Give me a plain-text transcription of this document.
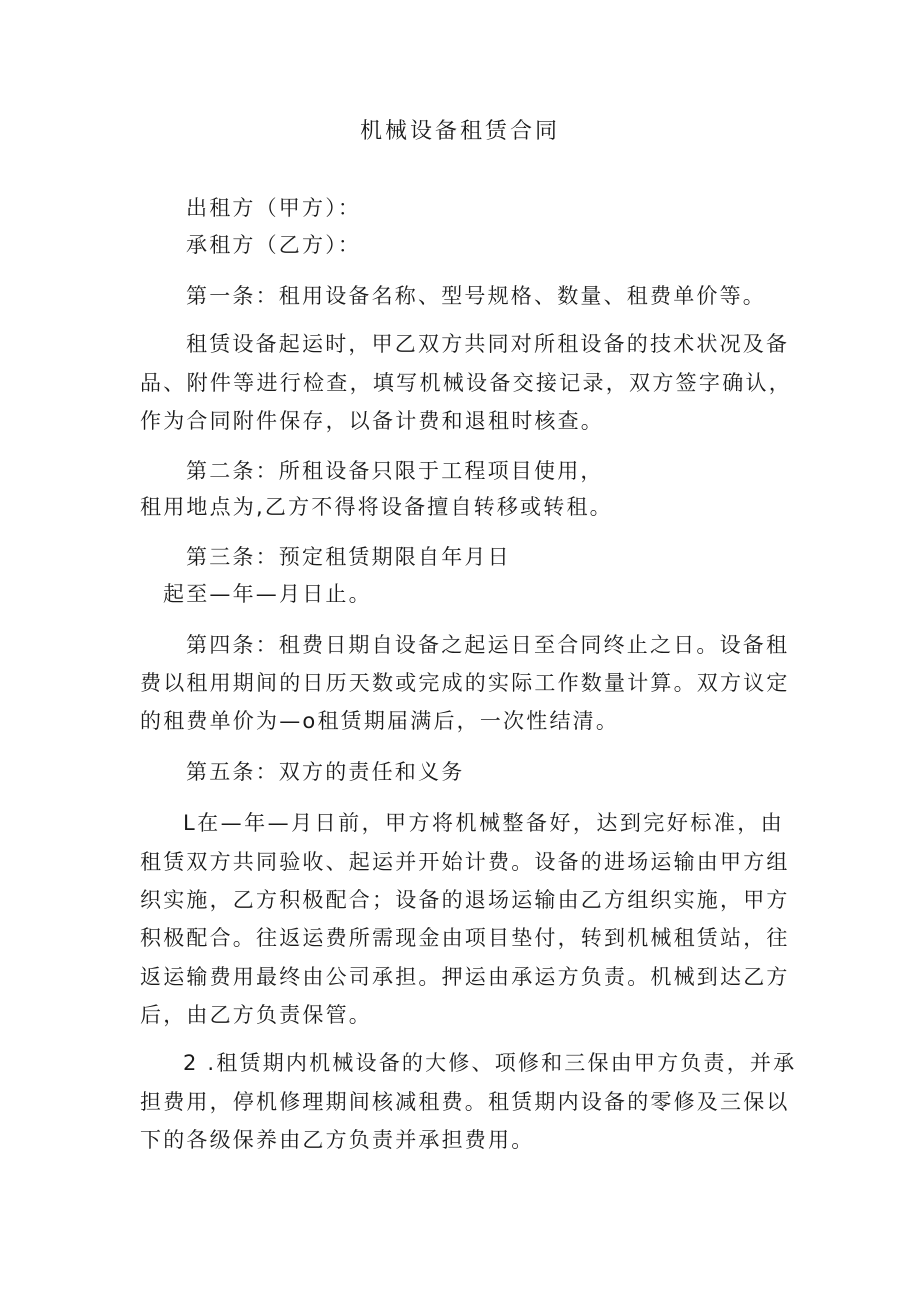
机械设备租赁合同
出租方（甲方）：
承租方（乙方）：
第一条：租用设备名称、型号规格、数量、租费单价等。
租赁设备起运时，甲乙双方共同对所租设备的技术状况及备
品、附件等进行检查，填写机械设备交接记录，双方签字确认，
作为合同附件保存，以备计费和退租时核查。
第二条：所租设备只限于工程项目使用，
租用地点为,乙方不得将设备擅自转移或转租。
第三条：预定租赁期限自年月日
起至—年—月日止。
第四条：租费日期自设备之起运日至合同终止之日。设备租
费以租用期间的日历天数或完成的实际工作数量计算。双方议定
的租费单价为—o租赁期届满后，一次性结清。
第五条：双方的责任和义务
L在—年—月日前，甲方将机械整备好，达到完好标准，由
租赁双方共同验收、起运并开始计费。设备的进场运输由甲方组
织实施，乙方积极配合；设备的退场运输由乙方组织实施，甲方
积极配合。往返运费所需现金由项目垫付，转到机械租赁站，往
返运输费用最终由公司承担。押运由承运方负责。机械到达乙方
后，由乙方负责保管。
2 .租赁期内机械设备的大修、项修和三保由甲方负责，并承
担费用，停机修理期间核减租费。租赁期内设备的零修及三保以
下的各级保养由乙方负责并承担费用。
